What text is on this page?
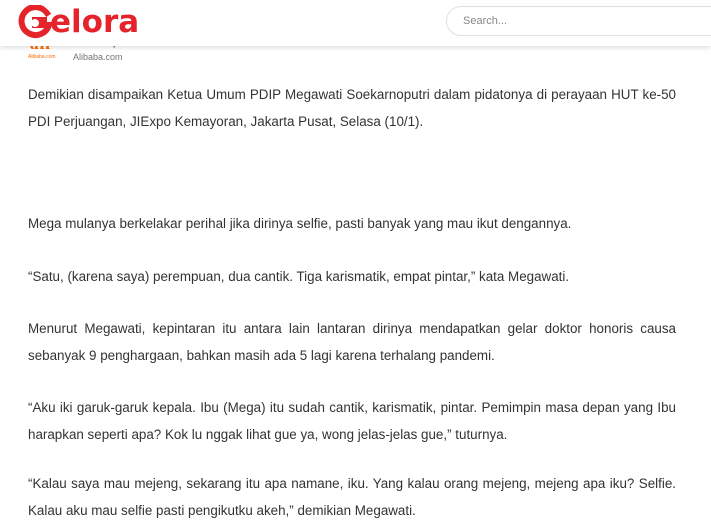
Alibaba.com Alibaba.com
elora
Search...

Demikian disampaikan Ketua Umum PDIP Megawati Soekarnoputri dalam pidatonya di perayaan HUT ke-50 PDI Perjuangan, JIExpo Kemayoran, Jakarta Pusat, Selasa (10/1).

Mega mulanya berkelakar perihal jika dirinya selfie, pasti banyak yang mau ikut dengannya.

“Satu, (karena saya) perempuan, dua cantik. Tiga karismatik, empat pintar,” kata Megawati.

Menurut Megawati, kepintaran itu antara lain lantaran dirinya mendapatkan gelar doktor honoris causa sebanyak 9 penghargaan, bahkan masih ada 5 lagi karena terhalang pandemi.

“Aku iki garuk-garuk kepala. Ibu (Mega) itu sudah cantik, karismatik, pintar. Pemimpin masa depan yang Ibu harapkan seperti apa? Kok lu nggak lihat gue ya, wong jelas-jelas gue,” tuturnya.

“Kalau saya mau mejeng, sekarang itu apa namane, iku. Yang kalau orang mejeng, mejeng apa iku? Selfie. Kalau aku mau selfie pasti pengikutku akeh,” demikian Megawati.
